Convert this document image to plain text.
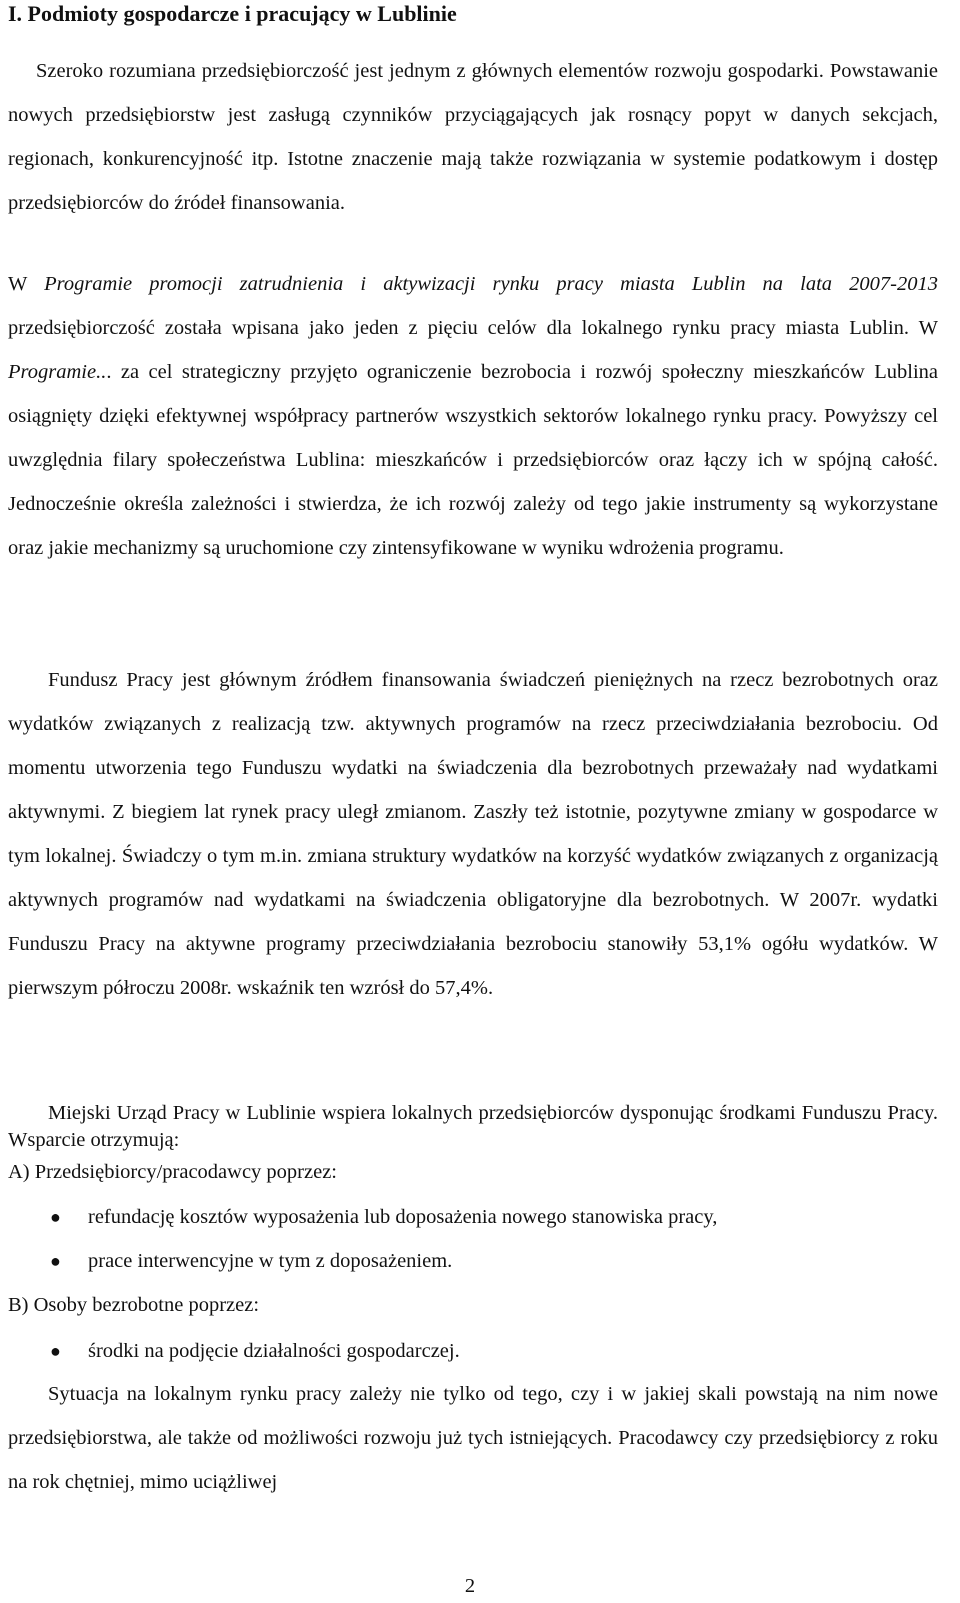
I. Podmioty gospodarcze i pracujący w Lublinie

Szeroko rozumiana przedsiębiorczość jest jednym z głównych elementów rozwoju gospodarki. Powstawanie nowych przedsiębiorstw jest zasługą czynników przyciągających jak rosnący popyt w danych sekcjach, regionach, konkurencyjność itp. Istotne znaczenie mają także rozwiązania w systemie podatkowym i dostęp przedsiębiorców do źródeł finansowania.

W Programie promocji zatrudnienia i aktywizacji rynku pracy miasta Lublin na lata 2007-2013 przedsiębiorczość została wpisana jako jeden z pięciu celów dla lokalnego rynku pracy miasta Lublin. W Programie... za cel strategiczny przyjęto ograniczenie bezrobocia i rozwój społeczny mieszkańców Lublina osiągnięty dzięki efektywnej współpracy partnerów wszystkich sektorów lokalnego rynku pracy. Powyższy cel uwzględnia filary społeczeństwa Lublina: mieszkańców i przedsiębiorców oraz łączy ich w spójną całość. Jednocześnie określa zależności i stwierdza, że ich rozwój zależy od tego jakie instrumenty są wykorzystane oraz jakie mechanizmy są uruchomione czy zintensyfikowane w wyniku wdrożenia programu.

Fundusz Pracy jest głównym źródłem finansowania świadczeń pieniężnych na rzecz bezrobotnych oraz wydatków związanych z realizacją tzw. aktywnych programów na rzecz przeciwdziałania bezrobociu. Od momentu utworzenia tego Funduszu wydatki na świadczenia dla bezrobotnych przeważały nad wydatkami aktywnymi. Z biegiem lat rynek pracy uległ zmianom. Zaszły też istotnie, pozytywne zmiany w gospodarce w tym lokalnej. Świadczy o tym m.in. zmiana struktury wydatków na korzyść wydatków związanych z organizacją aktywnych programów nad wydatkami na świadczenia obligatoryjne dla bezrobotnych. W 2007r. wydatki Funduszu Pracy na aktywne programy przeciwdziałania bezrobociu stanowiły 53,1% ogółu wydatków. W pierwszym półroczu 2008r. wskaźnik ten wzrósł do 57,4%.

Miejski Urząd Pracy w Lublinie wspiera lokalnych przedsiębiorców dysponując środkami Funduszu Pracy. Wsparcie otrzymują:

A) Przedsiębiorcy/pracodawcy poprzez:

● refundację kosztów wyposażenia lub doposażenia nowego stanowiska pracy,
● prace interwencyjne w tym z doposażeniem.

B) Osoby bezrobotne poprzez:

● środki na podjęcie działalności gospodarczej.

Sytuacja na lokalnym rynku pracy zależy nie tylko od tego, czy i w jakiej skali powstają na nim nowe przedsiębiorstwa, ale także od możliwości rozwoju już tych istniejących. Pracodawcy czy przedsiębiorcy z roku na rok chętniej, mimo uciążliwej

2
